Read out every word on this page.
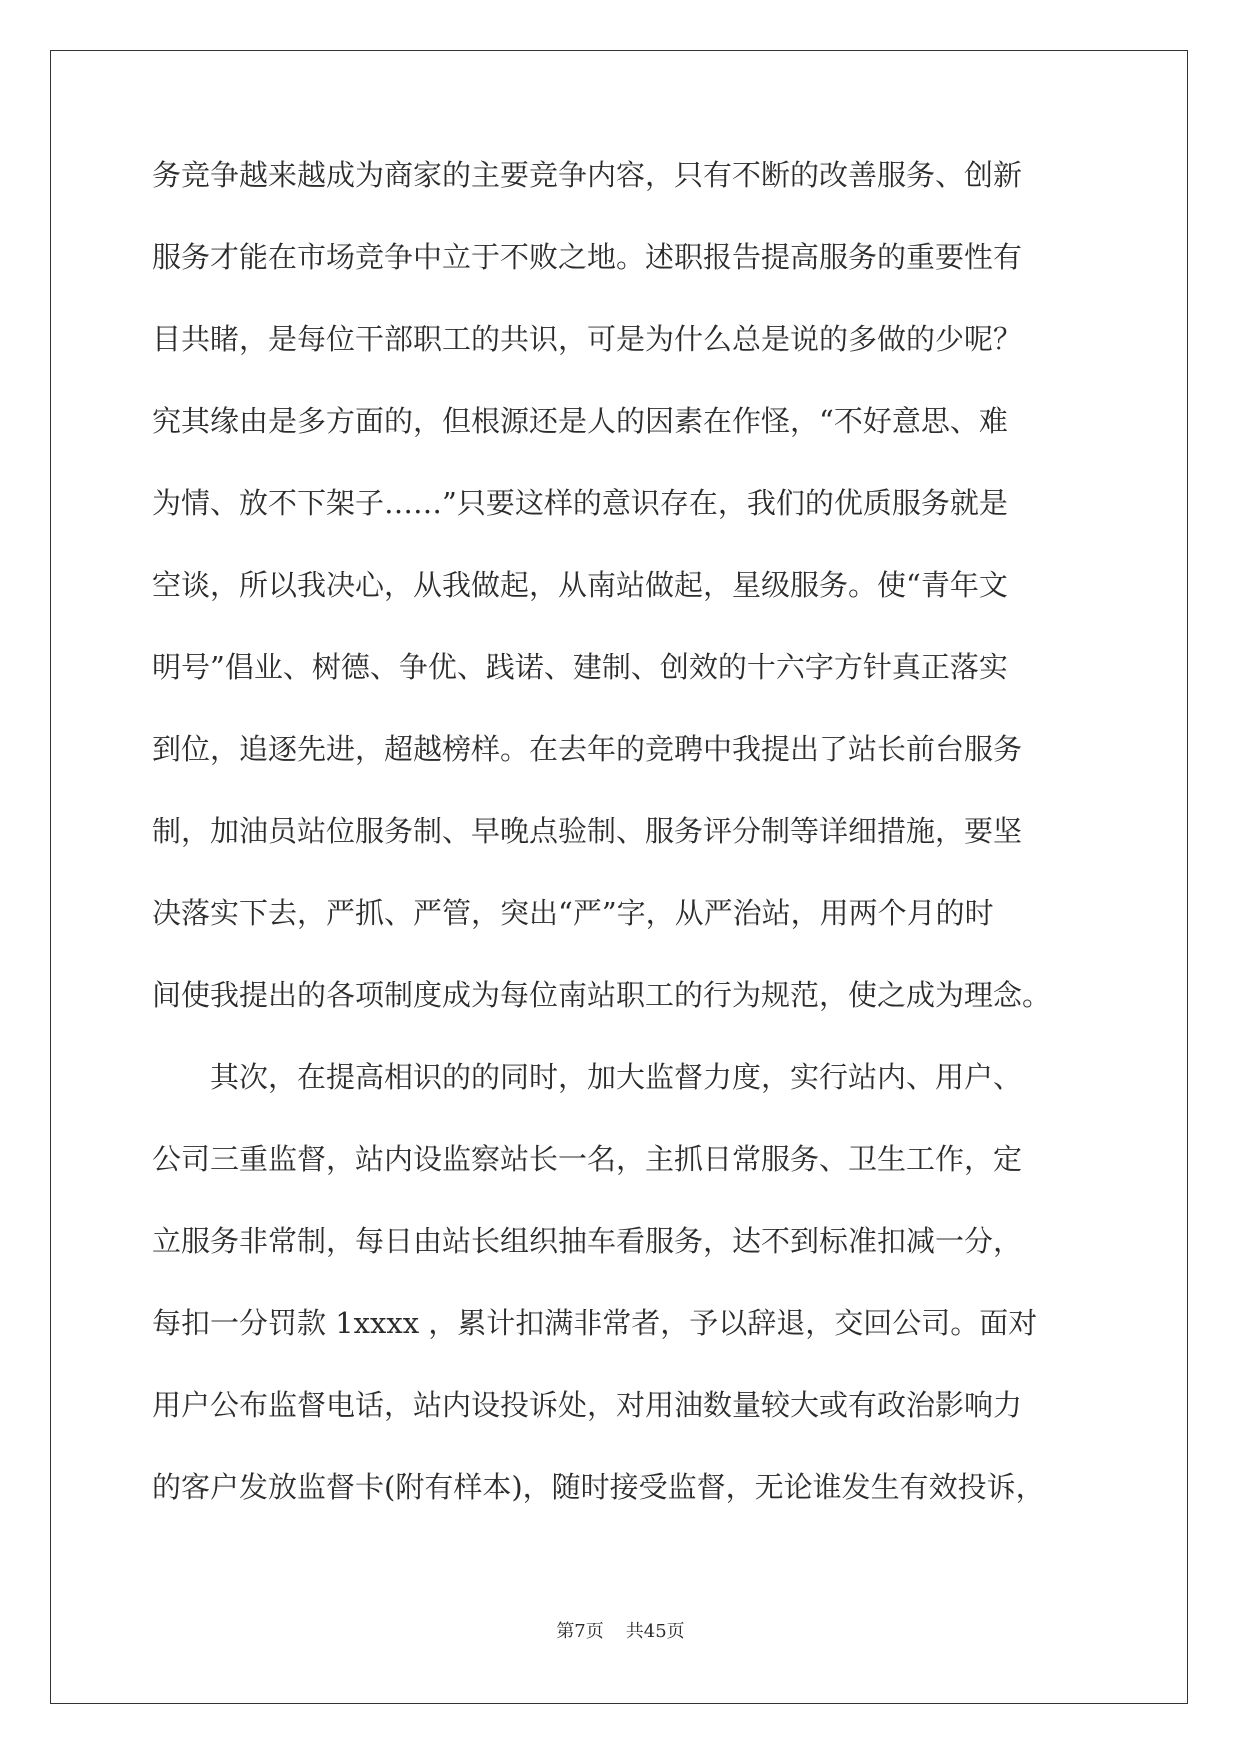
务竞争越来越成为商家的主要竞争内容，只有不断的改善服务、创新
服务才能在市场竞争中立于不败之地。述职报告提高服务的重要性有
目共睹，是每位干部职工的共识，可是为什么总是说的多做的少呢？
究其缘由是多方面的，但根源还是人的因素在作怪，“不好意思、难
为情、放不下架子……”只要这样的意识存在，我们的优质服务就是
空谈，所以我决心，从我做起，从南站做起，星级服务。使“青年文
明号”倡业、树德、争优、践诺、建制、创效的十六字方针真正落实
到位，追逐先进，超越榜样。在去年的竞聘中我提出了站长前台服务
制，加油员站位服务制、早晚点验制、服务评分制等详细措施，要坚
决落实下去，严抓、严管，突出“严”字，从严治站，用两个月的时
间使我提出的各项制度成为每位南站职工的行为规范，使之成为理念。
其次，在提高相识的的同时，加大监督力度，实行站内、用户、
公司三重监督，站内设监察站长一名，主抓日常服务、卫生工作，定
立服务非常制，每日由站长组织抽车看服务，达不到标准扣减一分，
每扣一分罚款 1xxxx ，累计扣满非常者，予以辞退，交回公司。面对
用户公布监督电话，站内设投诉处，对用油数量较大或有政治影响力
的客户发放监督卡(附有样本)，随时接受监督，无论谁发生有效投诉，
第7页 共45页
